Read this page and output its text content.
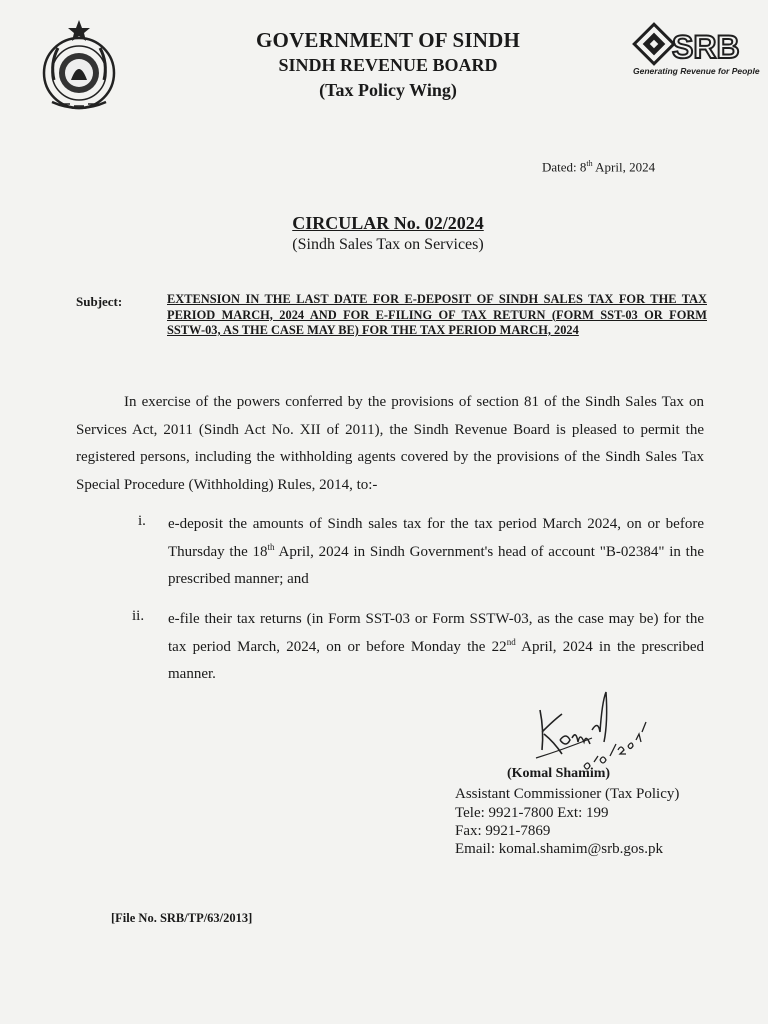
GOVERNMENT OF SINDH
SINDH REVENUE BOARD
(Tax Policy Wing)
SRB
Generating Revenue for People
Dated: 8th April, 2024
CIRCULAR No. 02/2024
(Sindh Sales Tax on Services)
Subject:	EXTENSION IN THE LAST DATE FOR E-DEPOSIT OF SINDH SALES TAX FOR THE TAX PERIOD MARCH, 2024 AND FOR E-FILING OF TAX RETURN (FORM SST-03 OR FORM SSTW-03, AS THE CASE MAY BE) FOR THE TAX PERIOD MARCH, 2024
In exercise of the powers conferred by the provisions of section 81 of the Sindh Sales Tax on Services Act, 2011 (Sindh Act No. XII of 2011), the Sindh Revenue Board is pleased to permit the registered persons, including the withholding agents covered by the provisions of the Sindh Sales Tax Special Procedure (Withholding) Rules, 2014, to:-
i. e-deposit the amounts of Sindh sales tax for the tax period March 2024, on or before Thursday the 18th April, 2024 in Sindh Government's head of account "B-02384" in the prescribed manner; and
ii. e-file their tax returns (in Form SST-03 or Form SSTW-03, as the case may be) for the tax period March, 2024, on or before Monday the 22nd April, 2024 in the prescribed manner.
(Komal Shamim)
Assistant Commissioner (Tax Policy)
Tele: 9921-7800 Ext: 199
Fax: 9921-7869
Email: komal.shamim@srb.gos.pk
[File No. SRB/TP/63/2013]
